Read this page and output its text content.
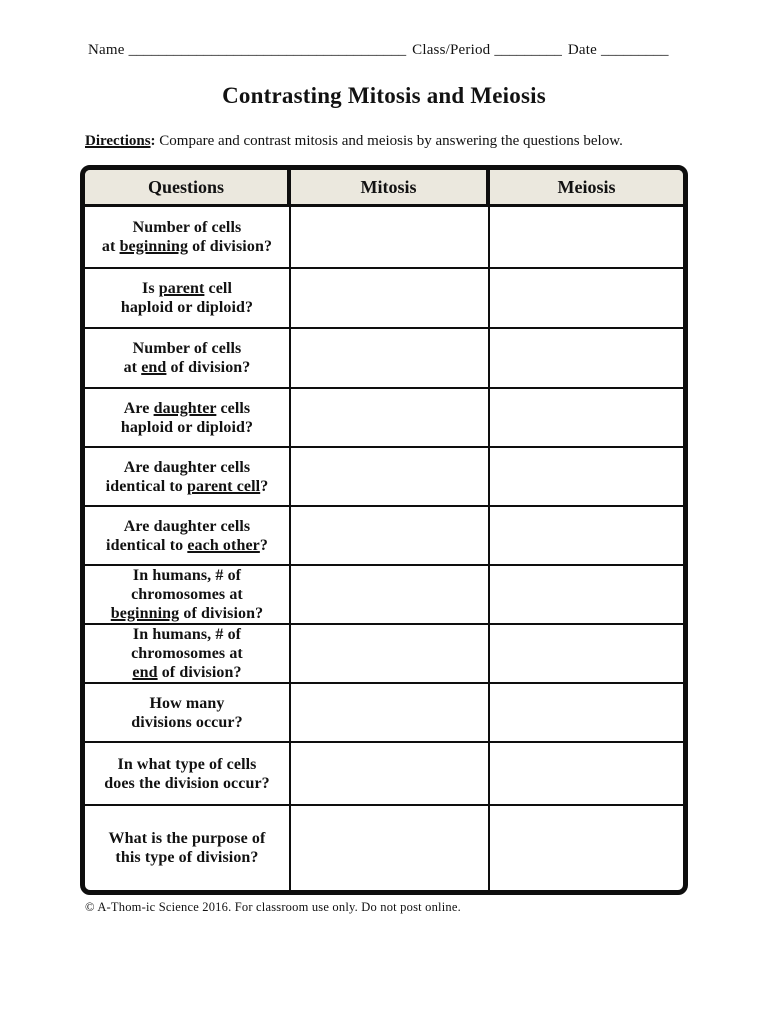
Name _____________________________________ Class/Period _________ Date _________
Contrasting Mitosis and Meiosis
Directions: Compare and contrast mitosis and meiosis by answering the questions below.
Questions	Mitosis	Meiosis
Number of cells
at beginning of division?
Is parent cell
haploid or diploid?
Number of cells
at end of division?
Are daughter cells
haploid or diploid?
Are daughter cells
identical to parent cell?
Are daughter cells
identical to each other?
In humans, # of
chromosomes at
beginning of division?
In humans, # of
chromosomes at
end of division?
How many
divisions occur?
In what type of cells
does the division occur?
What is the purpose of
this type of division?
© A-Thom-ic Science 2016. For classroom use only. Do not post online.
